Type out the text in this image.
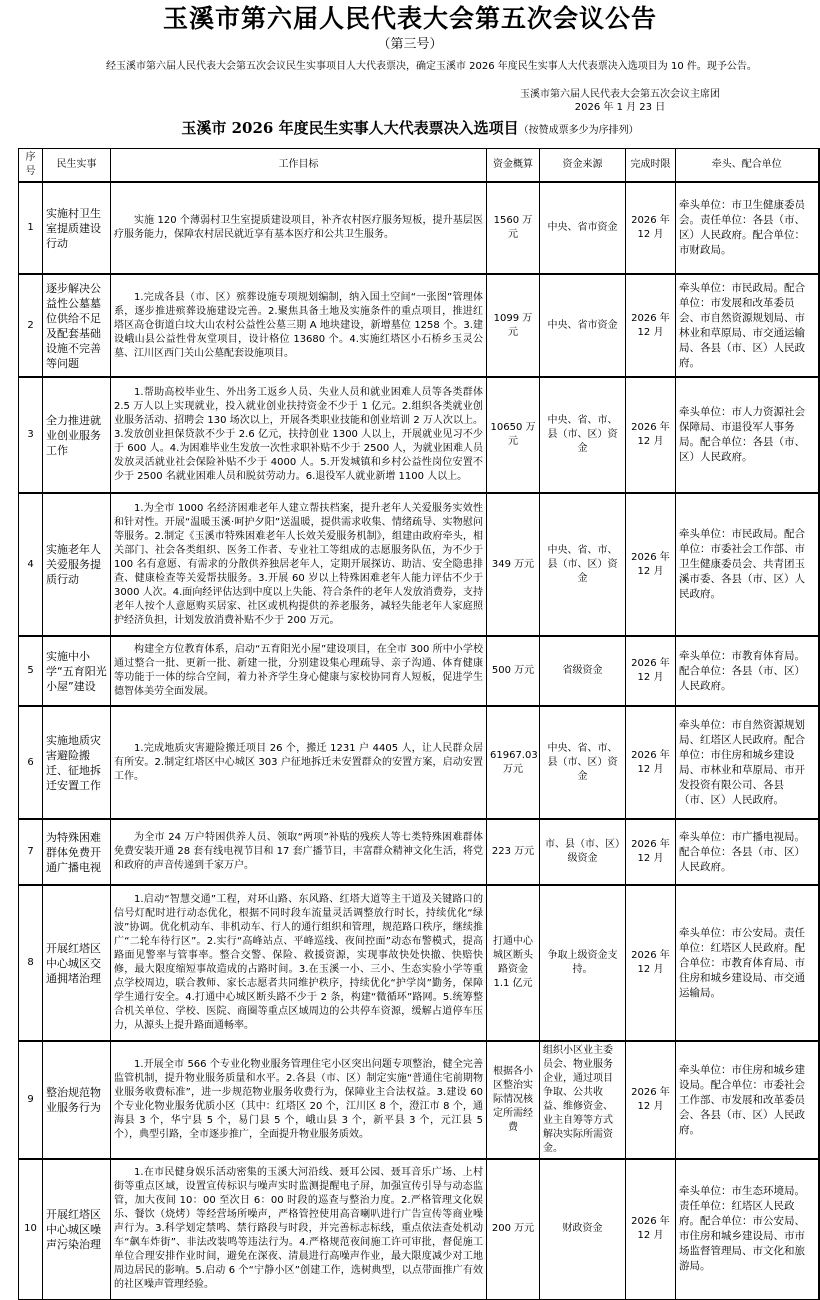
玉溪市第六届人民代表大会第五次会议公告
（第三号）
经玉溪市第六届人民代表大会第五次会议民生实事项目人大代表票决，确定玉溪市 2026 年度民生实事人大代表票决入选项目为 10 件。现予公告。
玉溪市第六届人民代表大会第五次会议主席团
2026 年 1 月 23 日
玉溪市 2026 年度民生实事人大代表票决入选项目（按赞成票多少为序排列）
序号	民生实事	工作目标	资金概算	资金来源	完成时限	牵头、配合单位
1	实施村卫生室提质建设行动	实施 120 个薄弱村卫生室提质建设项目，补齐农村医疗服务短板，提升基层医疗服务能力，保障农村居民就近享有基本医疗和公共卫生服务。	1560 万元	中央、省市资金	2026 年 12 月	牵头单位：市卫生健康委员会。责任单位：各县（市、区）人民政府。配合单位：市财政局。
2	逐步解决公益性公墓墓位供给不足及配套基础设施不完善等问题	1.完成各县（市、区）殡葬设施专项规划编制，纳入国土空间“一张图”管理体系，逐步推进殡葬设施建设完善。2.聚焦具备土地及实施条件的重点项目，推进红塔区高仓街道白坟大山农村公益性公墓三期 A 地块建设，新增墓位 1258 个。3.建设峨山县公益性骨灰堂项目，设计格位 13680 个。4.实施红塔区小石桥乡玉灵公墓、江川区西门关山公墓配套设施项目。	1099 万元	中央、省市资金	2026 年 12 月	牵头单位：市民政局。配合单位：市发展和改革委员会、市自然资源规划局、市林业和草原局、市交通运输局、各县（市、区）人民政府。
3	全力推进就业创业服务工作	1.帮助高校毕业生、外出务工返乡人员、失业人员和就业困难人员等各类群体 2.5 万人以上实现就业，投入就业创业扶持资金不少于 1 亿元。2.组织各类就业创业服务活动、招聘会 130 场次以上，开展各类职业技能和创业培训 2 万人次以上。3.发放创业担保贷款不少于 2.6 亿元，扶持创业 1300 人以上，开展就业见习不少于 600 人。4.为困难毕业生发放一次性求职补贴不少于 2500 人，为就业困难人员发放灵活就业社会保险补贴不少于 4000 人。5.开发城镇和乡村公益性岗位安置不少于 2500 名就业困难人员和脱贫劳动力。6.退役军人就业新增 1100 人以上。	10650 万元	中央、省、市、县（市、区）资金	2026 年 12 月	牵头单位：市人力资源社会保障局、市退役军人事务局。配合单位：各县（市、区）人民政府。
4	实施老年人关爱服务提质行动	1.为全市 1000 名经济困难老年人建立帮扶档案，提升老年人关爱服务实效性和针对性。开展“温暖玉溪·呵护夕阳”送温暖，提供需求收集、情绪疏导、实物慰问等服务。2.制定《玉溪市特殊困难老年人长效关爱服务机制》，组建由政府牵头，相关部门、社会各类组织、医务工作者、专业社工等组成的志愿服务队伍，为不少于 100 名有意愿、有需求的分散供养独居老年人，定期开展探访、助洁、安全隐患排查、健康检查等关爱帮扶服务。3.开展 60 岁以上特殊困难老年人能力评估不少于 3000 人次。4.面向经评估达到中度以上失能、符合条件的老年人发放消费券，支持老年人按个人意愿购买居家、社区或机构提供的养老服务，减轻失能老年人家庭照护经济负担，计划发放消费补贴不少于 200 万元。	349 万元	中央、省、市、县（市、区）资金	2026 年 12 月	牵头单位：市民政局。配合单位：市委社会工作部、市卫生健康委员会、共青团玉溪市委、各县（市、区）人民政府。
5	实施中小学“五育阳光小屋”建设	构建全方位教育体系，启动“五育阳光小屋”建设项目，在全市 300 所中小学校通过整合一批、更新一批、新建一批，分别建设集心理疏导、亲子沟通、体育健康等功能于一体的综合空间，着力补齐学生身心健康与家校协同育人短板，促进学生德智体美劳全面发展。	500 万元	省级资金	2026 年 12 月	牵头单位：市教育体育局。配合单位：各县（市、区）人民政府。
6	实施地质灾害避险搬迁、征地拆迁安置工作	1.完成地质灾害避险搬迁项目 26 个，搬迁 1231 户 4405 人，让人民群众居有所安。2.制定红塔区中心城区 303 户征地拆迁未安置群众的安置方案，启动安置工作。	61967.03 万元	中央、省、市、县（市、区）资金	2026 年 12 月	牵头单位：市自然资源规划局、红塔区人民政府。配合单位：市住房和城乡建设局、市林业和草原局、市开发投资有限公司、各县（市、区）人民政府。
7	为特殊困难群体免费开通广播电视	为全市 24 万户特困供养人员、领取“两项”补贴的残疾人等七类特殊困难群体免费安装开通 28 套有线电视节目和 17 套广播节目，丰富群众精神文化生活，将党和政府的声音传递到千家万户。	223 万元	市、县（市、区）级资金	2026 年 12 月	牵头单位：市广播电视局。配合单位：各县（市、区）人民政府。
8	开展红塔区中心城区交通拥堵治理	1.启动“智慧交通”工程，对环山路、东风路、红塔大道等主干道及关键路口的信号灯配时进行动态优化，根据不同时段车流量灵活调整放行时长，持续优化“绿波”协调。优化机动车、非机动车、行人的通行组织和管理，规范路口秩序，继续推广“二轮车待行区”。2.实行“高峰站点、平峰巡线、夜间控面”动态布警模式，提高路面见警率与管事率。整合交警、保险、救援资源，实现事故快处快撤、快赔快修，最大限度缩短事故造成的占路时间。3.在玉溪一小、三小、生态实验小学等重点学校周边，联合教师、家长志愿者共同维护秩序，持续优化“护学岗”勤务，保障学生通行安全。4.打通中心城区断头路不少于 2 条，构建“微循环”路网。5.统筹整合机关单位、学校、医院、商圈等重点区域周边的公共停车资源，缓解占道停车压力，从源头上提升路面通畅率。	打通中心城区断头路资金 1.1 亿元	争取上级资金支持。	2026 年 12 月	牵头单位：市公安局。责任单位：红塔区人民政府。配合单位：市教育体育局、市住房和城乡建设局、市交通运输局。
9	整治规范物业服务行为	1.开展全市 566 个专业化物业服务管理住宅小区突出问题专项整治，健全完善监管机制，提升物业服务质量和水平。2.各县（市、区）制定实施“普通住宅前期物业服务收费标准”，进一步规范物业服务收费行为，保障业主合法权益。3.建设 60 个专业化物业服务优质小区（其中：红塔区 20 个，江川区 8 个，澄江市 8 个，通海县 3 个，华宁县 5 个，易门县 5 个，峨山县 3 个，新平县 3 个，元江县 5 个），典型引路，全市逐步推广，全面提升物业服务质效。	根据各小区整治实际情况核定所需经费	组织小区业主委员会、物业服务企业，通过项目争取、公共收益、维修资金、业主自筹等方式解决实际所需资金。	2026 年 12 月	牵头单位：市住房和城乡建设局。配合单位：市委社会工作部、市发展和改革委员会、各县（市、区）人民政府。
10	开展红塔区中心城区噪声污染治理	1.在市民健身娱乐活动密集的玉溪大河沿线、聂耳公园、聂耳音乐广场、上村街等重点区域，设置宣传标识与噪声实时监测提醒电子屏，加强宣传引导与动态监管，加大夜间 10：00 至次日 6：00 时段的巡查与整治力度。2.严格管理文化娱乐、餐饮（烧烤）等经营场所噪声，严格管控使用高音喇叭进行广告宣传等商业噪声行为。3.科学划定禁鸣、禁行路段与时段，并完善标志标线，重点依法查处机动车“飙车炸街”、非法改装鸣等违法行为。4.严格规范夜间施工许可审批，督促施工单位合理安排作业时间，避免在深夜、清晨进行高噪声作业，最大限度减少对工地周边居民的影响。5.启动 6 个“宁静小区”创建工作，选树典型，以点带面推广有效的社区噪声管理经验。	200 万元	财政资金	2026 年 12 月	牵头单位：市生态环境局。责任单位：红塔区人民政府。配合单位：市公安局、市住房和城乡建设局、市市场监督管理局、市文化和旅游局。
